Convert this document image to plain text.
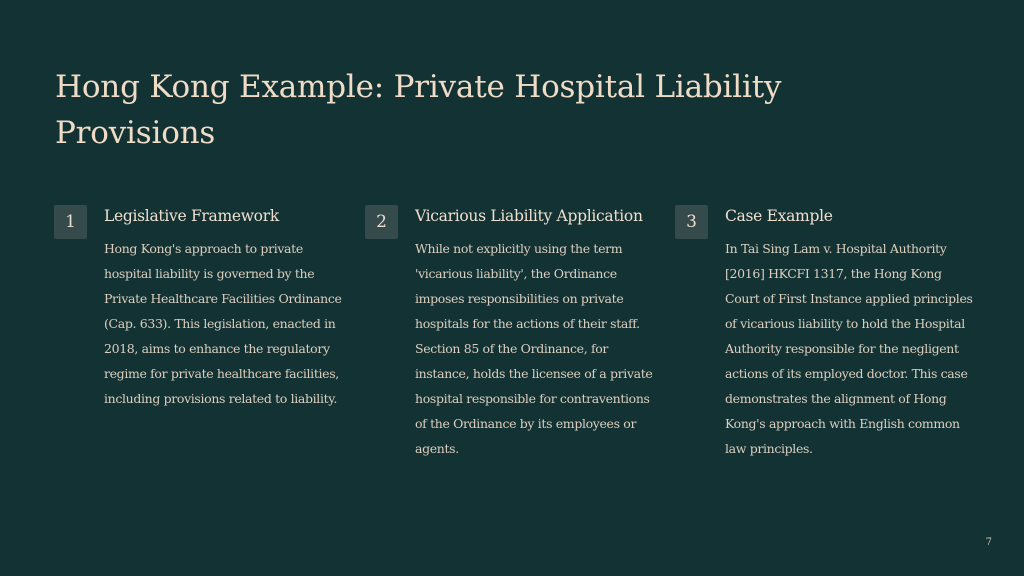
Hong Kong Example: Private Hospital Liability Provisions
1	Legislative Framework

Hong Kong's approach to private hospital liability is governed by the Private Healthcare Facilities Ordinance (Cap. 633). This legislation, enacted in 2018, aims to enhance the regulatory regime for private healthcare facilities, including provisions related to liability.

2	Vicarious Liability Application

While not explicitly using the term 'vicarious liability', the Ordinance imposes responsibilities on private hospitals for the actions of their staff. Section 85 of the Ordinance, for instance, holds the licensee of a private hospital responsible for contraventions of the Ordinance by its employees or agents.

3	Case Example

In Tai Sing Lam v. Hospital Authority [2016] HKCFI 1317, the Hong Kong Court of First Instance applied principles of vicarious liability to hold the Hospital Authority responsible for the negligent actions of its employed doctor. This case demonstrates the alignment of Hong Kong's approach with English common law principles.

7
